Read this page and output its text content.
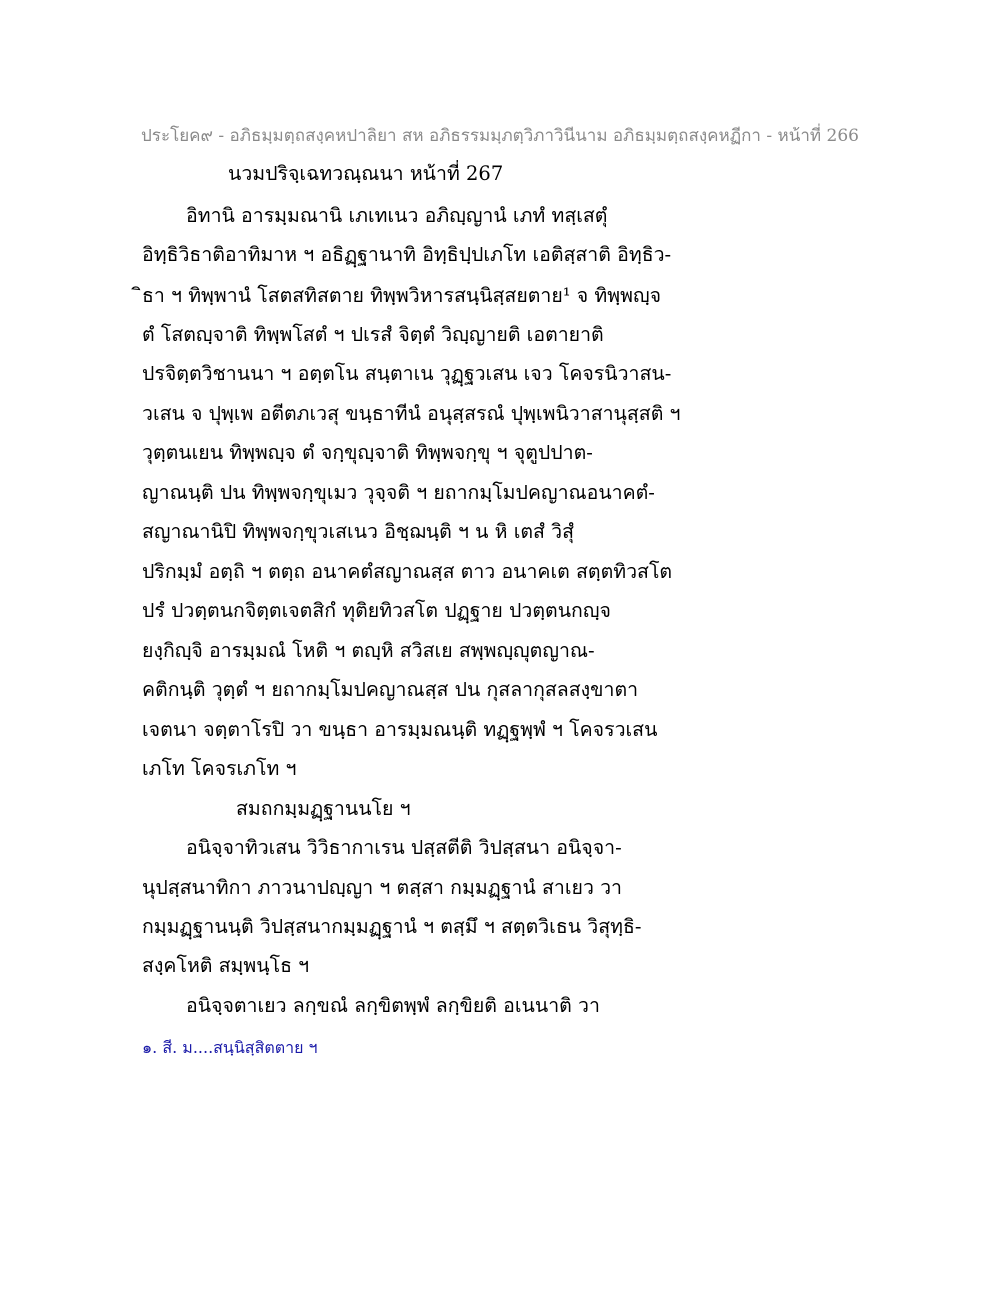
ประโยค๙ - อภิธมฺมตฺถสงฺคหปาลิยา สห อภิธรรมมฺภตฺวิภาวินีนาม อภิธมฺมตฺถสงฺคหฏีกา - หน้าที่ 266
นวมปริจฺเฉทวณฺณนา หน้าที่ 267
อิทานิ อารมฺมณานิ เภเทเนว อภิญฺญานํ เภทํ ทสฺเสตุํ
อิทฺธิวิธาติอาทิมาห ฯ อธิฏฺฐานาทิ อิทฺธิปฺปเภโท เอติสฺสาติ อิทฺธิว-
ิธา ฯ ทิพฺพานํ โสตสทิสตาย ทิพฺพวิหารสนฺนิสฺสยตาย¹ จ ทิพฺพญฺจ
ตํ โสตญฺจาติ ทิพฺพโสตํ ฯ ปเรสํ จิตฺตํ วิญฺญายติ เอตายาติ
ปรจิตฺตวิชานนา ฯ อตฺตโน สนฺตาเน วุฏฺฐวเสน เจว โคจรนิวาสน-
วเสน จ ปุพฺเพ อตีตภเวสุ ขนฺธาทีนํ อนุสฺสรณํ ปุพฺเพนิวาสานุสฺสติ ฯ
วุตฺตนเยน ทิพฺพญฺจ ตํ จกฺขุญฺจาติ ทิพฺพจกฺขุ ฯ จุตูปปาต-
ญาณนฺติ ปน ทิพฺพจกฺขุเมว วุจฺจติ ฯ ยถากมฺโมปคญาณอนาคตํ-
สญาณานิปิ ทิพฺพจกฺขุวเสเนว อิชฺฌนฺติ ฯ น หิ เตสํ วิสุํ
ปริกมฺมํ อตฺถิ ฯ ตตฺถ อนาคตํสญาณสฺส ตาว อนาคเต สตฺตทิวสโต
ปรํ ปวตฺตนกจิตฺตเจตสิกํ ทุติยทิวสโต ปฏฺฐาย ปวตฺตนกญฺจ
ยงฺกิญฺจิ อารมฺมณํ โหติ ฯ ตญฺหิ สวิสเย สพฺพญฺญุตญาณ-
คติกนฺติ วุตฺตํ ฯ ยถากมฺโมปคญาณสฺส ปน กุสลากุสลสงฺขาตา
เจตนา จตฺตาโรปิ วา ขนฺธา อารมฺมณนฺติ ทฏฺฐพฺพํ ฯ โคจรวเสน
เภโท โคจรเภโท ฯ
สมถกมฺมฏฺฐานนโย ฯ
อนิจฺจาทิวเสน วิวิธากาเรน ปสฺสตีติ วิปสฺสนา อนิจฺจา-
นุปสฺสนาทิกา ภาวนาปญฺญา ฯ ตสฺสา กมฺมฏฺฐานํ สาเยว วา
กมฺมฏฺฐานนฺติ วิปสฺสนากมฺมฏฺฐานํ ฯ ตสฺมึ ฯ สตฺตวิเธน วิสุทฺธิ-
สงฺคโหติ สมฺพนฺโธ ฯ
อนิจฺจตาเยว ลกฺขณํ ลกฺขิตพฺพํ ลกฺขิยติ อเนนาติ วา
๑. สี. ม....สนฺนิสฺสิตตาย ฯ
